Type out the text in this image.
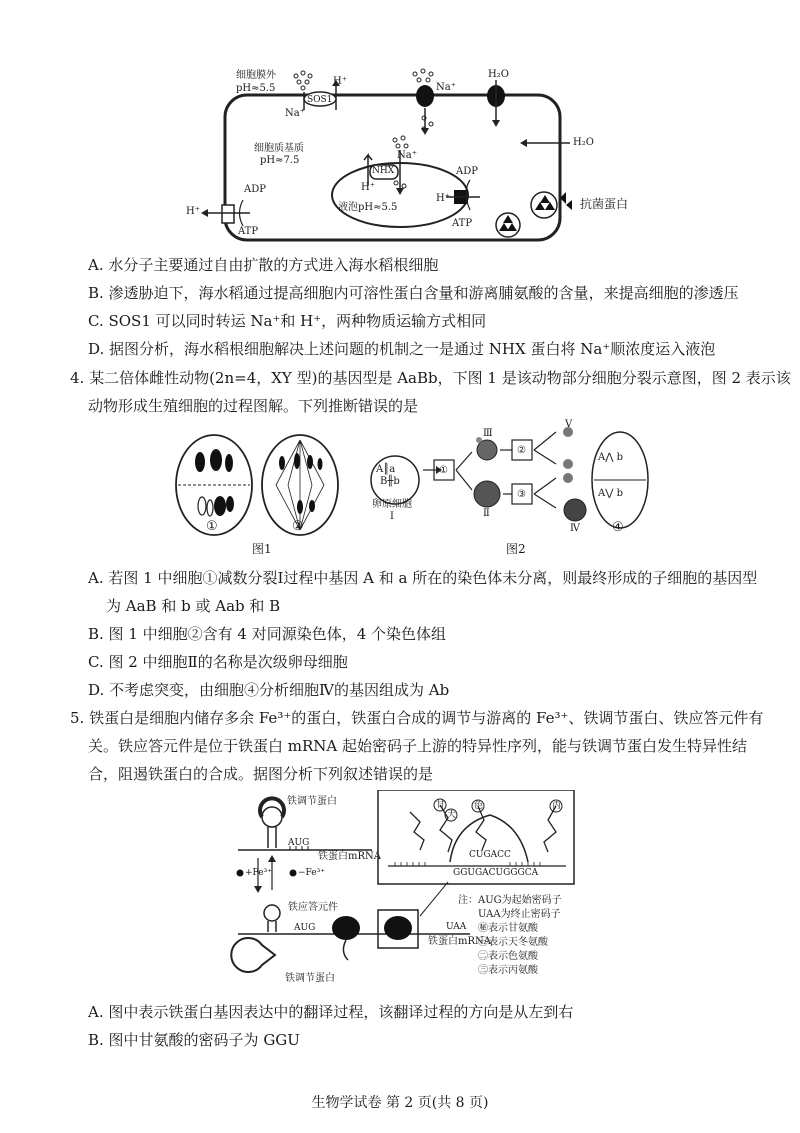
细胞膜外
pH≈5.5
H⁺
SOS1
Na⁺
Na⁺
H₂O
H₂O
细胞质基质
pH≈7.5
NHX
Na⁺
H⁺
液泡pH≈5.5
ADP
H⁺
ATP
ADP
H⁺
ATP
抗菌蛋白
A. 水分子主要通过自由扩散的方式进入海水稻根细胞
B. 渗透胁迫下，海水稻通过提高细胞内可溶性蛋白含量和游离脯氨酸的含量，来提高细胞的渗透压
C. SOS1 可以同时转运 Na⁺和 H⁺，两种物质运输方式相同
D. 据图分析，海水稻根细胞解决上述问题的机制之一是通过 NHX 蛋白将 Na⁺顺浓度运入液泡
4. 某二倍体雌性动物(2n=4，XY 型)的基因型是 AaBb，下图 1 是该动物部分细胞分裂示意图，图 2 表示该
动物形成生殖细胞的过程图解。下列推断错误的是
①	②
图1
A║a
B╫b
卵原细胞
Ⅰ
①
Ⅲ
Ⅱ
②
③
Ⅴ
Ⅳ
A⋀ b
A⋁ b
④
图2
A. 若图 1 中细胞①减数分裂Ⅰ过程中基因 A 和 a 所在的染色体未分离，则最终形成的子细胞的基因型
为 AaB 和 b 或 Aab 和 B
B. 图 1 中细胞②含有 4 对同源染色体，4 个染色体组
C. 图 2 中细胞Ⅱ的名称是次级卵母细胞
D. 不考虑突变，由细胞④分析细胞Ⅳ的基因组成为 Ab
5. 铁蛋白是细胞内储存多余 Fe³⁺的蛋白，铁蛋白合成的调节与游离的 Fe³⁺、铁调节蛋白、铁应答元件有
关。铁应答元件是位于铁蛋白 mRNA 起始密码子上游的特异性序列，能与铁调节蛋白发生特异性结
合，阻遏铁蛋白的合成。据图分析下列叙述错误的是
铁调节蛋白
AUG
铁蛋白mRNA
+Fe³⁺	−Fe³⁺
铁应答元件
AUG	UAA
铁蛋白mRNA
铁调节蛋白
CUGACC
GGUGACUGGGCA
甘
天
色	丙
注：AUG为起始密码子
UAA为终止密码子
㊙表示甘氨酸
㊀表示天冬氨酸
㊁表示色氨酸
㊂表示丙氨酸
A. 图中表示铁蛋白基因表达中的翻译过程，该翻译过程的方向是从左到右
B. 图中甘氨酸的密码子为 GGU
生物学试卷 第 2 页(共 8 页)
